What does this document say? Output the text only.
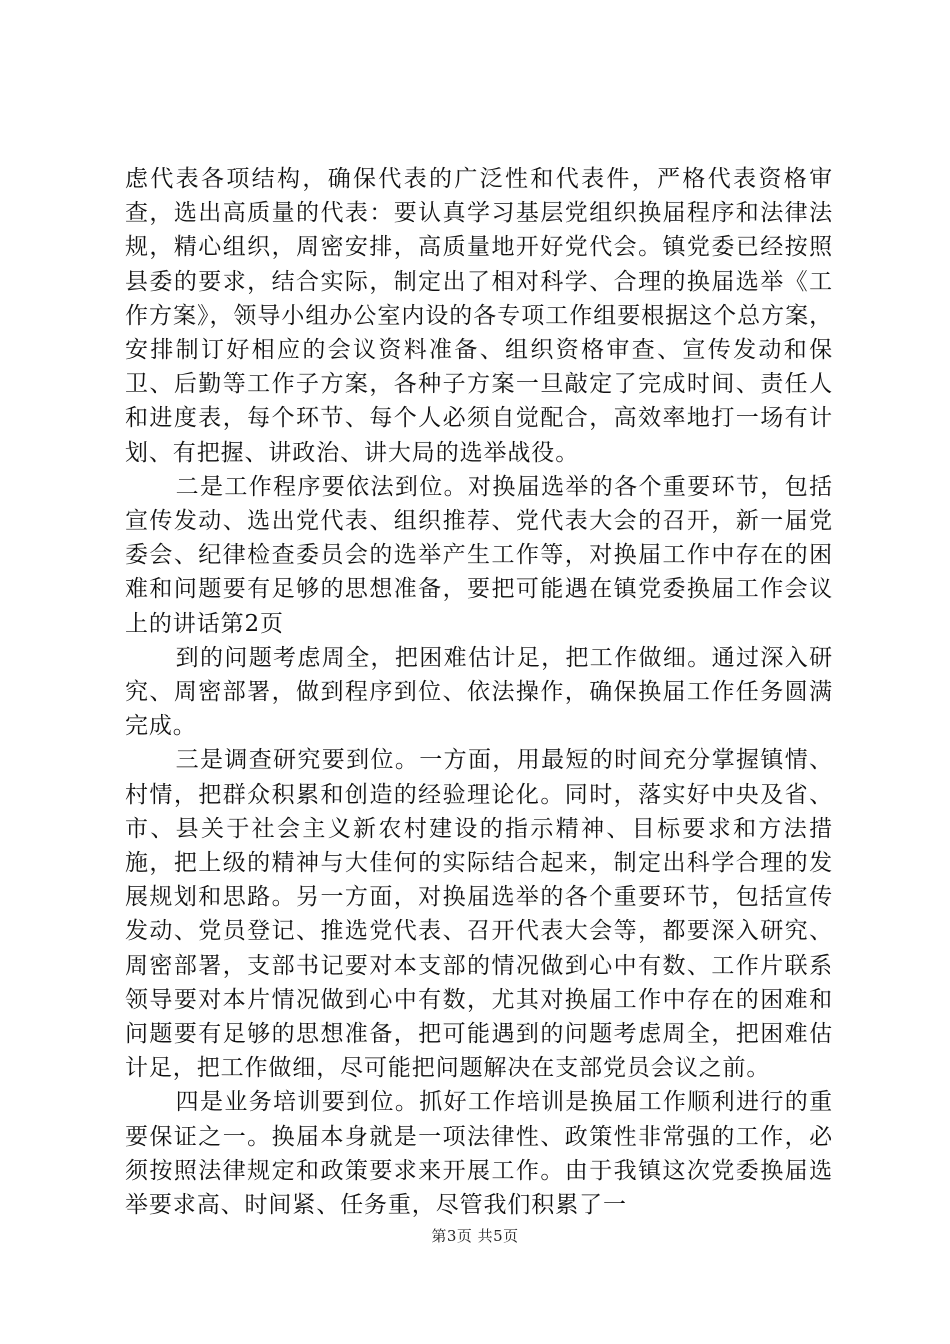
虑代表各项结构，确保代表的广泛性和代表件，严格代表资格审查，选出高质量的代表：要认真学习基层党组织换届程序和法律法规，精心组织，周密安排，高质量地开好党代会。镇党委已经按照县委的要求，结合实际，制定出了相对科学、合理的换届选举《工作方案》，领导小组办公室内设的各专项工作组要根据这个总方案，安排制订好相应的会议资料准备、组织资格审查、宣传发动和保卫、后勤等工作子方案，各种子方案一旦敲定了完成时间、责任人和进度表，每个环节、每个人必须自觉配合，高效率地打一场有计划、有把握、讲政治、讲大局的选举战役。

二是工作程序要依法到位。对换届选举的各个重要环节，包括宣传发动、选出党代表、组织推荐、党代表大会的召开，新一届党委会、纪律检查委员会的选举产生工作等，对换届工作中存在的困难和问题要有足够的思想准备，要把可能遇在镇党委换届工作会议上的讲话第2页

到的问题考虑周全，把困难估计足，把工作做细。通过深入研究、周密部署，做到程序到位、依法操作，确保换届工作任务圆满完成。

三是调查研究要到位。一方面，用最短的时间充分掌握镇情、村情，把群众积累和创造的经验理论化。同时，落实好中央及省、市、县关于社会主义新农村建设的指示精神、目标要求和方法措施，把上级的精神与大佳何的实际结合起来，制定出科学合理的发展规划和思路。另一方面，对换届选举的各个重要环节，包括宣传发动、党员登记、推选党代表、召开代表大会等，都要深入研究、周密部署，支部书记要对本支部的情况做到心中有数、工作片联系领导要对本片情况做到心中有数，尤其对换届工作中存在的困难和问题要有足够的思想准备，把可能遇到的问题考虑周全，把困难估计足，把工作做细，尽可能把问题解决在支部党员会议之前。

四是业务培训要到位。抓好工作培训是换届工作顺利进行的重要保证之一。换届本身就是一项法律性、政策性非常强的工作，必须按照法律规定和政策要求来开展工作。由于我镇这次党委换届选举要求高、时间紧、任务重，尽管我们积累了一

第3页 共5页
